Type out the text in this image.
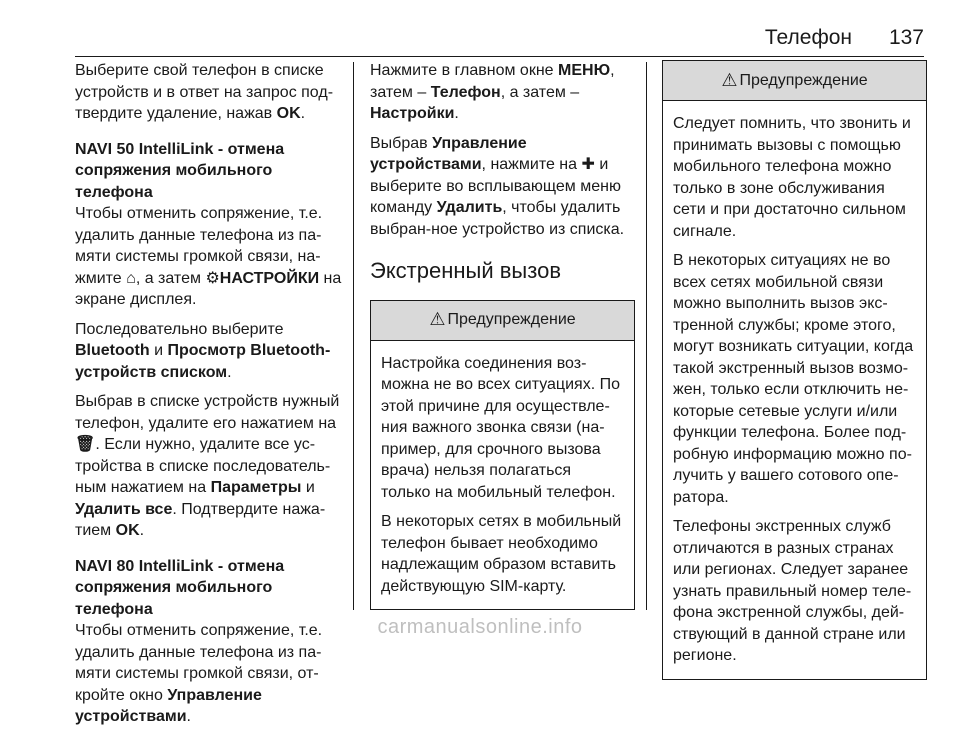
Телефон 137

Выберите свой телефон в списке устройств и в ответ на запрос под-твердите удаление, нажав OK.

NAVI 50 IntelliLink - отмена
сопряжения мобильного телефона

Чтобы отменить сопряжение, т.е. удалить данные телефона из па-мяти системы громкой связи, на-жмите ⌂, а затем ⚙НАСТРОЙКИ на экране дисплея.

Последовательно выберите Bluetooth и Просмотр Bluetooth-устройств списком.

Выбрав в списке устройств нужный телефон, удалите его нажатием на 🗑. Если нужно, удалите все ус-тройства в списке последователь-ным нажатием на Параметры и Удалить все. Подтвердите нажа-тием OK.

NAVI 80 IntelliLink - отмена
сопряжения мобильного телефона

Чтобы отменить сопряжение, т.е. удалить данные телефона из па-мяти системы громкой связи, от-кройте окно Управление устройствами.

Нажмите в главном окне МЕНЮ, затем – Телефон, а затем – Настройки.

Выбрав Управление устройствами, нажмите на ✚ и выберите во всплывающем меню команду Удалить, чтобы удалить выбран-ное устройство из списка.

Экстренный вызов
⚠ Предупреждение

Настройка соединения воз-можна не во всех ситуациях. По этой причине для осуществле-ния важного звонка связи (на-пример, для срочного вызова врача) нельзя полагаться только на мобильный телефон.

В некоторых сетях в мобильный телефон бывает необходимо надлежащим образом вставить действующую SIM-карту.

⚠ Предупреждение

Следует помнить, что звонить и принимать вызовы с помощью мобильного телефона можно только в зоне обслуживания сети и при достаточно сильном сигнале.

В некоторых ситуациях не во всех сетях мобильной связи можно выполнить вызов экс-тренной службы; кроме этого, могут возникать ситуации, когда такой экстренный вызов возмо-жен, только если отключить не-которые сетевые услуги и/или функции телефона. Более под-робную информацию можно по-лучить у вашего сотового опе-ратора.

Телефоны экстренных служб отличаются в разных странах или регионах. Следует заранее узнать правильный номер теле-фона экстренной службы, дей-ствующий в данной стране или регионе.

carmanualsonline.info
